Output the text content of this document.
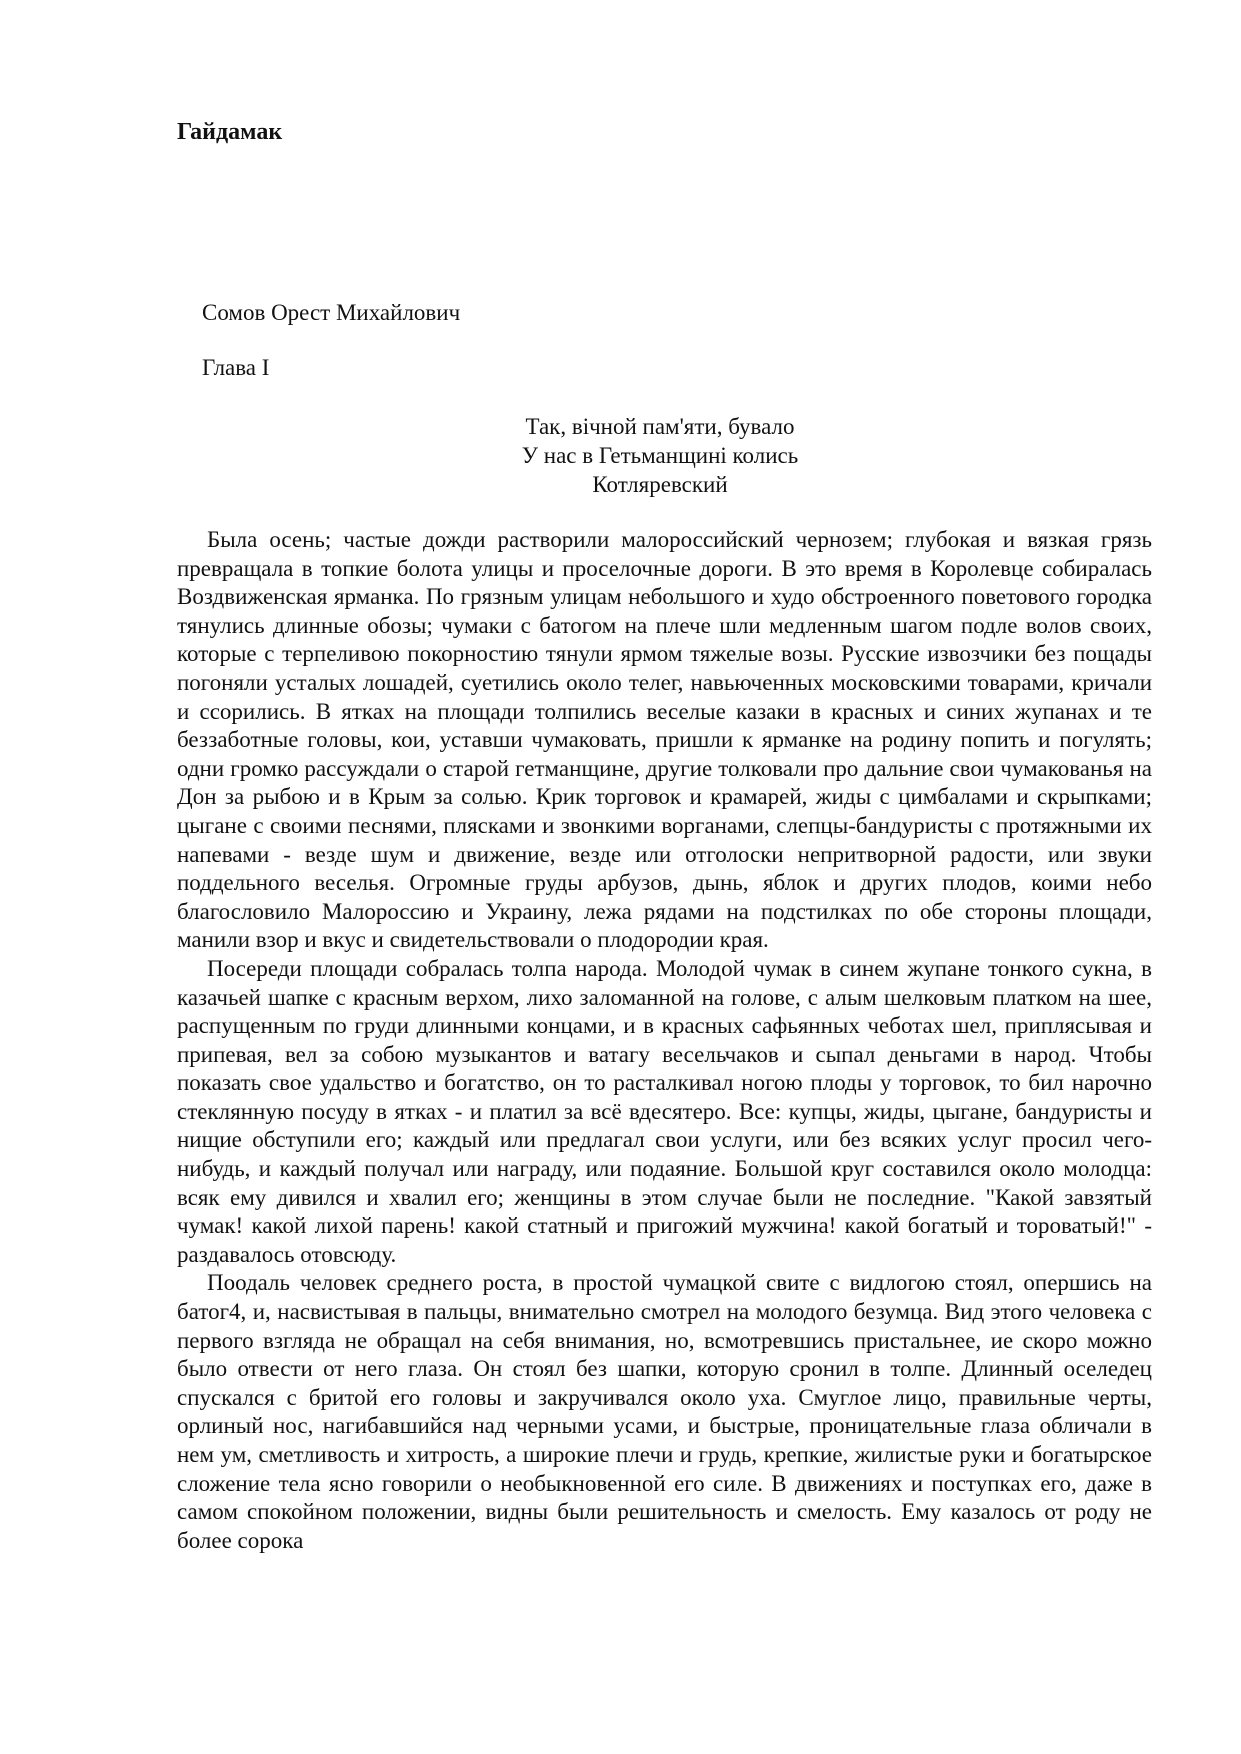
Гайдамак

Сомов Орест Михайлович

Глава I

Так, вічной пам'яти, бувало
У нас в Гетьманщині колись
Котляревский

Была осень; частые дожди растворили малороссийский чернозем; глубокая и вязкая грязь превращала в топкие болота улицы и проселочные дороги. В это время в Королевце собиралась Воздвиженская ярманка. По грязным улицам небольшого и худо обстроенного поветового городка тянулись длинные обозы; чумаки с батогом на плече шли медленным шагом подле волов своих, которые с терпеливою покорностию тянули ярмом тяжелые возы. Русские извозчики без пощады погоняли усталых лошадей, суетились около телег, навьюченных московскими товарами, кричали и ссорились. В ятках на площади толпились веселые казаки в красных и синих жупанах и те беззаботные головы, кои, уставши чумаковать, пришли к ярманке на родину попить и погулять; одни громко рассуждали о старой гетманщине, другие толковали про дальние свои чумакованья на Дон за рыбою и в Крым за солью. Крик торговок и крамарей, жиды с цимбалами и скрыпками; цыгане с своими песнями, плясками и звонкими ворганами, слепцы-бандуристы с протяжными их напевами - везде шум и движение, везде или отголоски непритворной радости, или звуки поддельного веселья. Огромные груды арбузов, дынь, яблок и других плодов, коими небо благословило Малороссию и Украину, лежа рядами на подстилках по обе стороны площади, манили взор и вкус и свидетельствовали о плодородии края.

Посереди площади собралась толпа народа. Молодой чумак в синем жупане тонкого сукна, в казачьей шапке с красным верхом, лихо заломанной на голове, с алым шелковым платком на шее, распущенным по груди длинными концами, и в красных сафьянных чеботах шел, приплясывая и припевая, вел за собою музыкантов и ватагу весельчаков и сыпал деньгами в народ. Чтобы показать свое удальство и богатство, он то расталкивал ногою плоды у торговок, то бил нарочно стеклянную посуду в ятках - и платил за всё вдесятеро. Все: купцы, жиды, цыгане, бандуристы и нищие обступили его; каждый или предлагал свои услуги, или без всяких услуг просил чего-нибудь, и каждый получал или награду, или подаяние. Большой круг составился около молодца: всяк ему дивился и хвалил его; женщины в этом случае были не последние. "Какой завзятый чумак! какой лихой парень! какой статный и пригожий мужчина! какой богатый и тороватый!" - раздавалось отовсюду.

Поодаль человек среднего роста, в простой чумацкой свите с видлогою стоял, опершись на батог4, и, насвистывая в пальцы, внимательно смотрел на молодого безумца. Вид этого человека с первого взгляда не обращал на себя внимания, но, всмотревшись пристальнее, ие скоро можно было отвести от него глаза. Он стоял без шапки, которую сронил в толпе. Длинный оселедец спускался с бритой его головы и закручивался около уха. Смуглое лицо, правильные черты, орлиный нос, нагибавшийся над черными усами, и быстрые, проницательные глаза обличали в нем ум, сметливость и хитрость, а широкие плечи и грудь, крепкие, жилистые руки и богатырское сложение тела ясно говорили о необыкновенной его силе. В движениях и поступках его, даже в самом спокойном положении, видны были решительность и смелость. Ему казалось от роду не более сорока
